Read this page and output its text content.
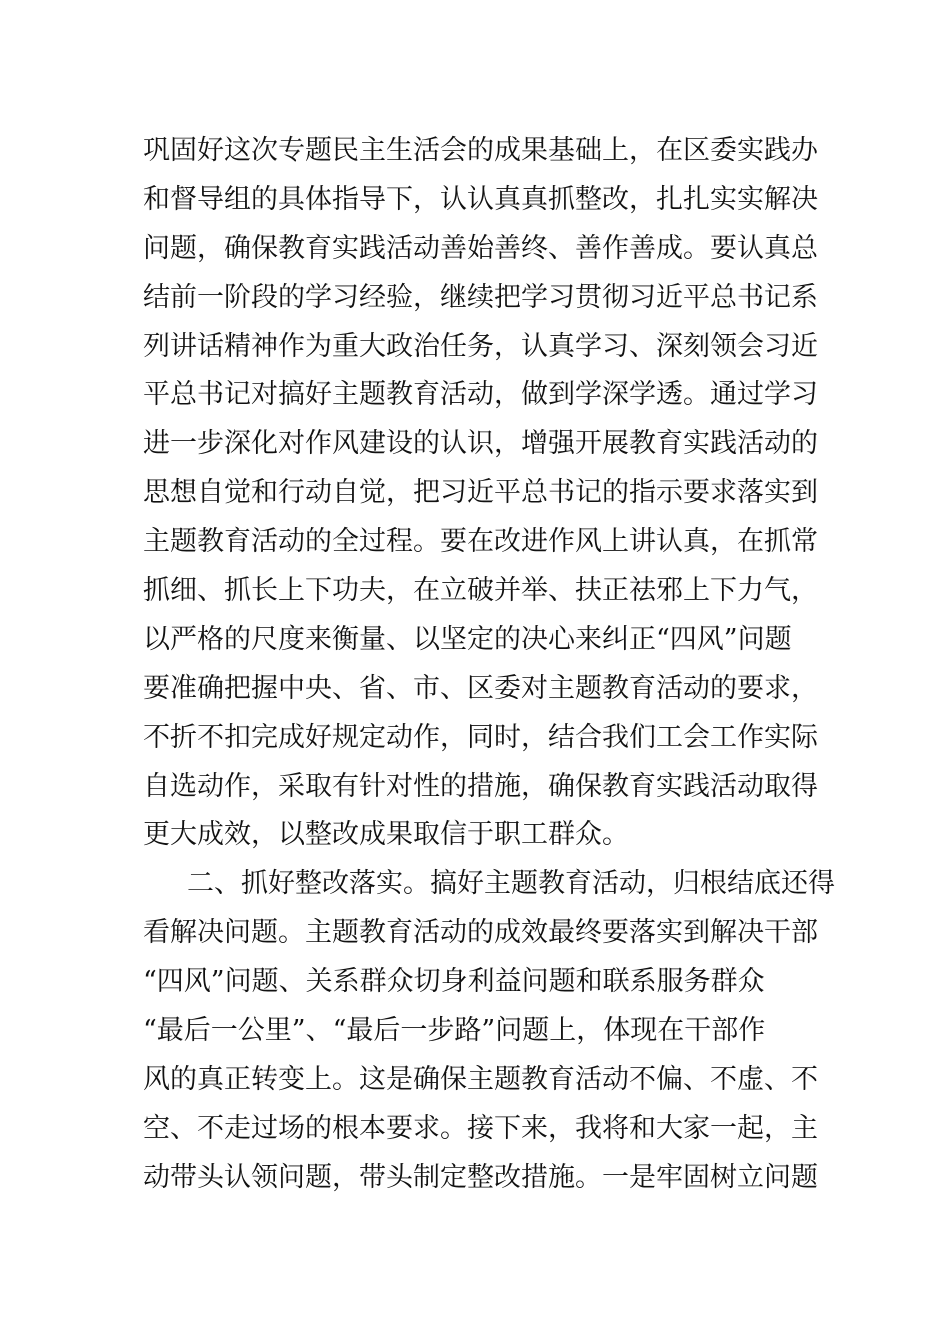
巩固好这次专题民主生活会的成果基础上，在区委实践办
和督导组的具体指导下，认认真真抓整改，扎扎实实解决
问题，确保教育实践活动善始善终、善作善成。要认真总
结前一阶段的学习经验，继续把学习贯彻习近平总书记系
列讲话精神作为重大政治任务，认真学习、深刻领会习近
平总书记对搞好主题教育活动，做到学深学透。通过学习
进一步深化对作风建设的认识，增强开展教育实践活动的
思想自觉和行动自觉，把习近平总书记的指示要求落实到
主题教育活动的全过程。要在改进作风上讲认真，在抓常
抓细、抓长上下功夫，在立破并举、扶正祛邪上下力气，
以严格的尺度来衡量、以坚定的决心来纠正“四风”问题
要准确把握中央、省、市、区委对主题教育活动的要求，
不折不扣完成好规定动作，同时，结合我们工会工作实际
自选动作，采取有针对性的措施，确保教育实践活动取得
更大成效，以整改成果取信于职工群众。
二、抓好整改落实。搞好主题教育活动，归根结底还得
看解决问题。主题教育活动的成效最终要落实到解决干部
“四风”问题、关系群众切身利益问题和联系服务群众
“最后一公里”、“最后一步路”问题上，体现在干部作
风的真正转变上。这是确保主题教育活动不偏、不虚、不
空、不走过场的根本要求。接下来，我将和大家一起，主
动带头认领问题，带头制定整改措施。一是牢固树立问题
